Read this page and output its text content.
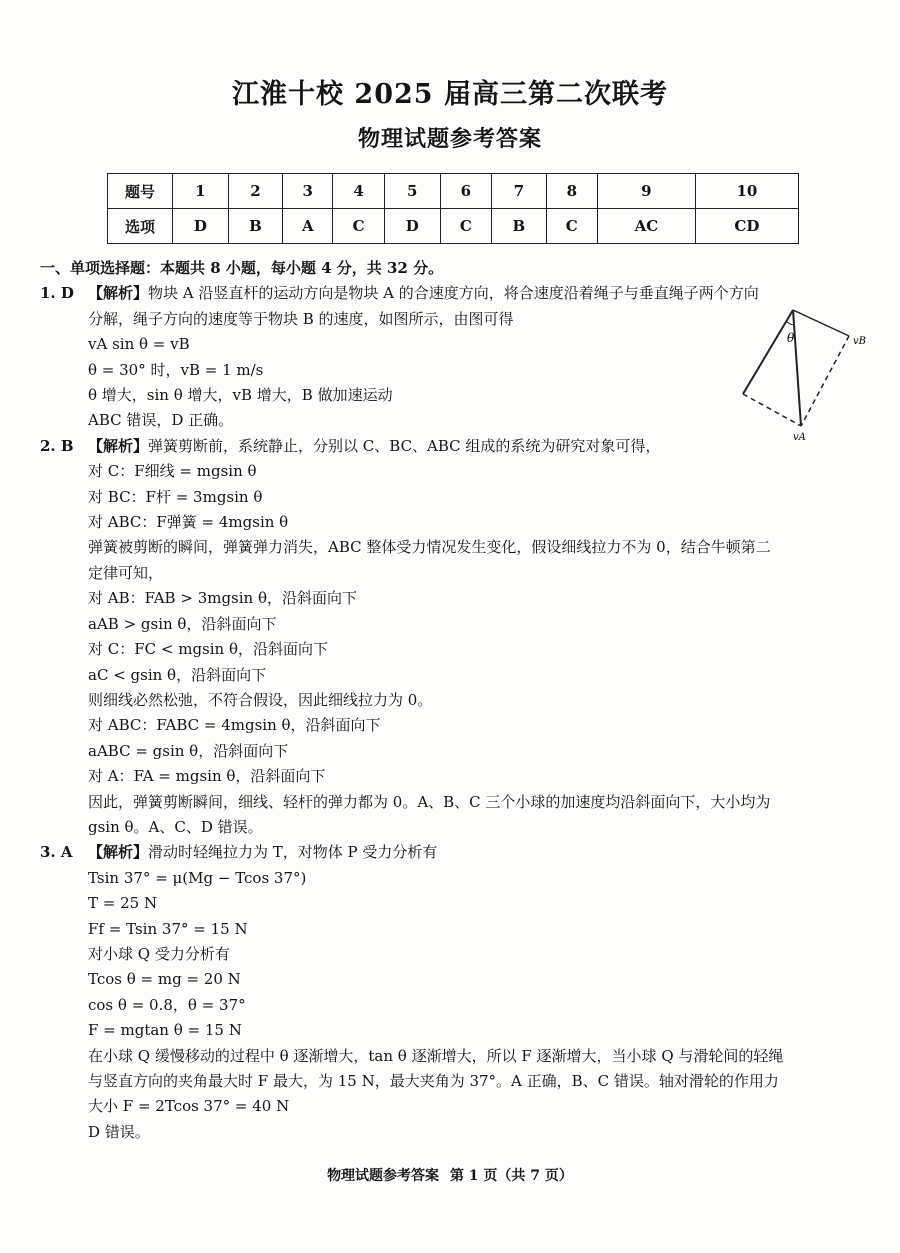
江淮十校 2025 届高三第二次联考
物理试题参考答案
题号	1	2	3	4	5	6	7	8	9	10
选项	D	B	A	C	D	C	B	C	AC	CD
一、单项选择题：本题共 8 小题，每小题 4 分，共 32 分。
1. D 【解析】物块 A 沿竖直杆的运动方向是物块 A 的合速度方向，将合速度沿着绳子与垂直绳子两个方向
分解，绳子方向的速度等于物块 B 的速度，如图所示，由图可得
vA sin θ = vB
θ = 30° 时，vB = 1 m/s
θ 增大，sin θ 增大，vB 增大，B 做加速运动
ABC 错误，D 正确。
2. B 【解析】弹簧剪断前，系统静止，分别以 C、BC、ABC 组成的系统为研究对象可得，
对 C：F细线 = mgsin θ
对 BC：F杆 = 3mgsin θ
对 ABC：F弹簧 = 4mgsin θ
弹簧被剪断的瞬间，弹簧弹力消失，ABC 整体受力情况发生变化，假设细线拉力不为 0，结合牛顿第二
定律可知，
对 AB：FAB > 3mgsin θ，沿斜面向下
aAB > gsin θ，沿斜面向下
对 C：FC < mgsin θ，沿斜面向下
aC < gsin θ，沿斜面向下
则细线必然松弛，不符合假设，因此细线拉力为 0。
对 ABC：FABC = 4mgsin θ，沿斜面向下
aABC = gsin θ，沿斜面向下
对 A：FA = mgsin θ，沿斜面向下
因此，弹簧剪断瞬间，细线、轻杆的弹力都为 0。A、B、C 三个小球的加速度均沿斜面向下，大小均为
gsin θ。A、C、D 错误。
3. A 【解析】滑动时轻绳拉力为 T，对物体 P 受力分析有
Tsin 37° = μ(Mg − Tcos 37°)
T = 25 N
Ff = Tsin 37° = 15 N
对小球 Q 受力分析有
Tcos θ = mg = 20 N
cos θ = 0.8，θ = 37°
F = mgtan θ = 15 N
在小球 Q 缓慢移动的过程中 θ 逐渐增大，tan θ 逐渐增大，所以 F 逐渐增大，当小球 Q 与滑轮间的轻绳
与竖直方向的夹角最大时 F 最大，为 15 N，最大夹角为 37°。A 正确，B、C 错误。轴对滑轮的作用力
大小 F = 2Tcos 37° = 40 N
D 错误。
θ	vB
vA
物理试题参考答案 第 1 页（共 7 页）
